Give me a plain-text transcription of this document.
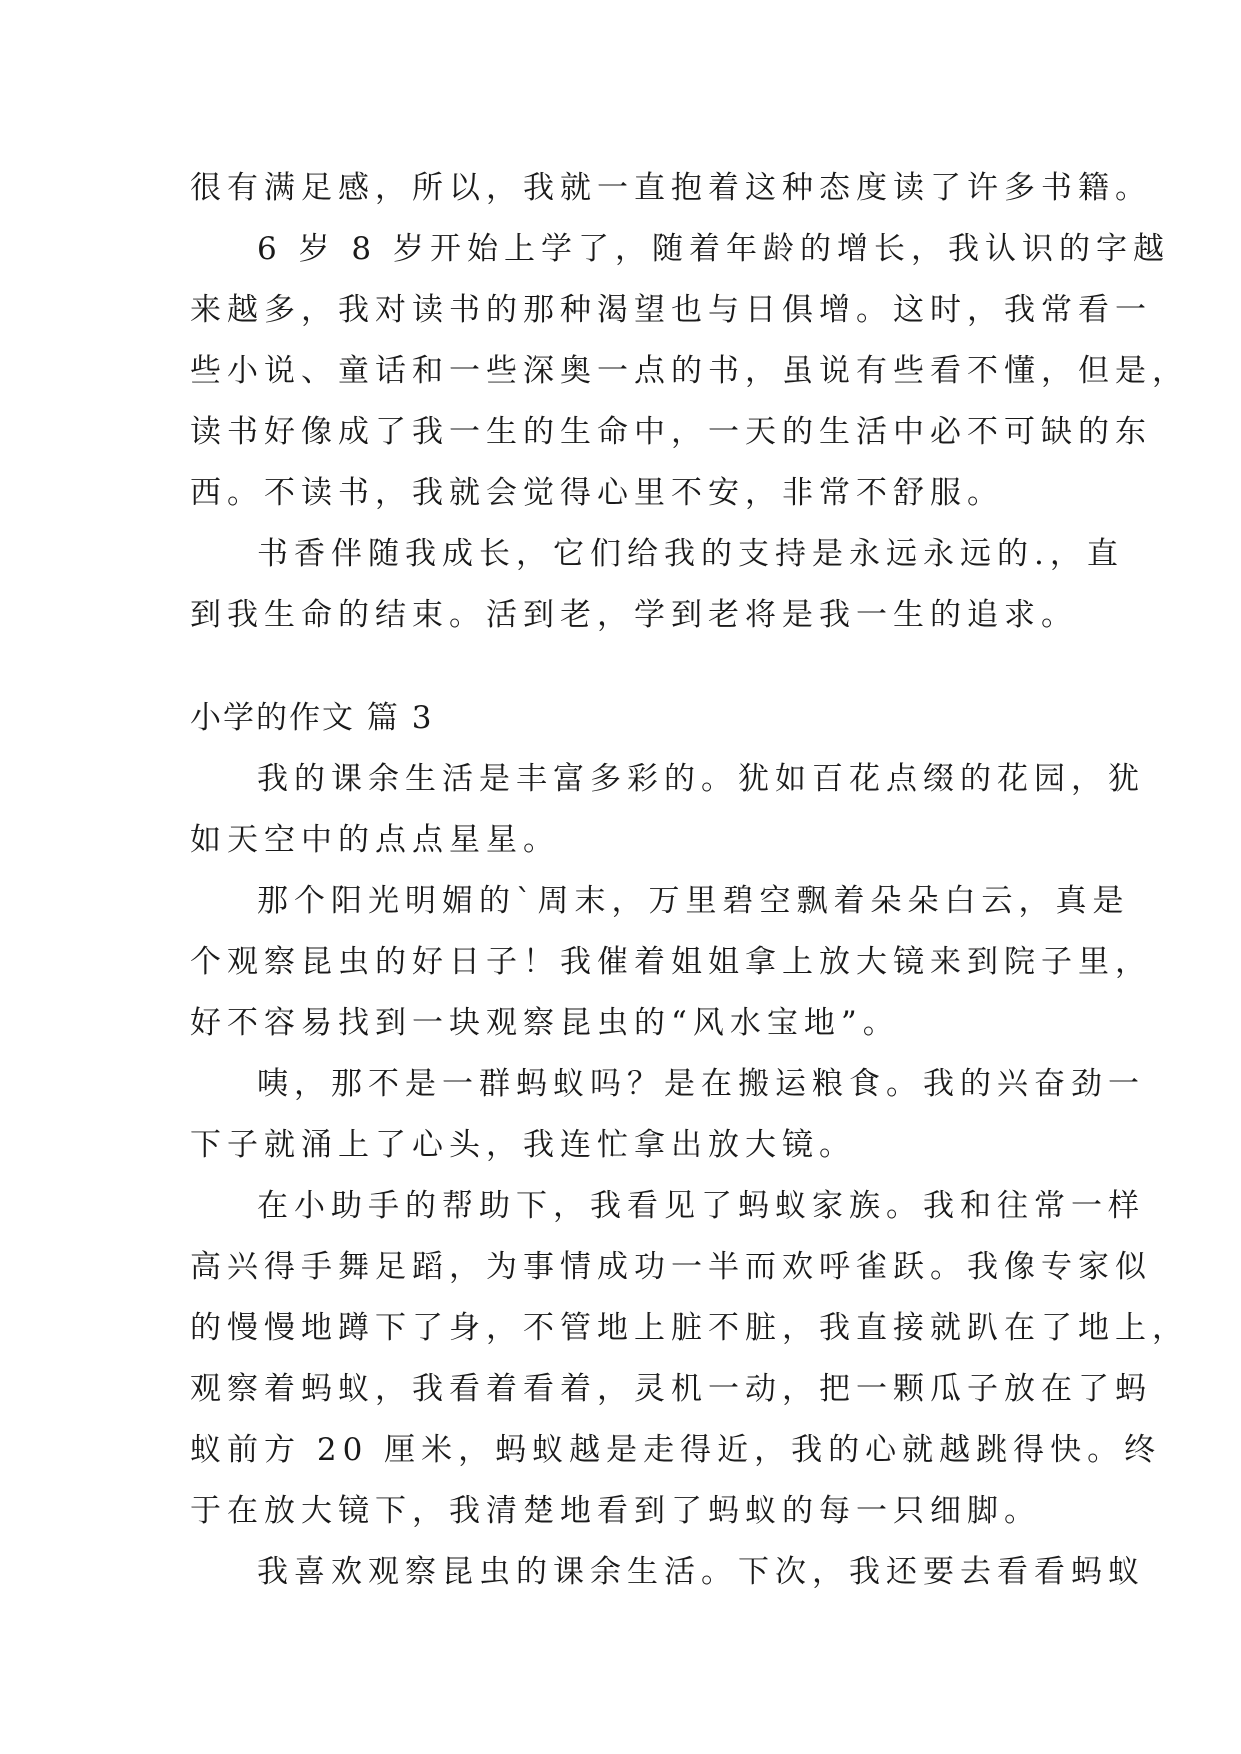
很有满足感，所以，我就一直抱着这种态度读了许多书籍。
6 岁 8 岁开始上学了，随着年龄的增长，我认识的字越
来越多，我对读书的那种渴望也与日俱增。这时，我常看一
些小说、童话和一些深奥一点的书，虽说有些看不懂，但是，
读书好像成了我一生的生命中，一天的生活中必不可缺的东
西。不读书，我就会觉得心里不安，非常不舒服。
书香伴随我成长，它们给我的支持是永远永远的.，直
到我生命的结束。活到老，学到老将是我一生的追求。
小学的作文 篇 3
我的课余生活是丰富多彩的。犹如百花点缀的花园，犹
如天空中的点点星星。
那个阳光明媚的`周末，万里碧空飘着朵朵白云，真是
个观察昆虫的好日子！我催着姐姐拿上放大镜来到院子里，
好不容易找到一块观察昆虫的“风水宝地”。
咦，那不是一群蚂蚁吗？是在搬运粮食。我的兴奋劲一
下子就涌上了心头，我连忙拿出放大镜。
在小助手的帮助下，我看见了蚂蚁家族。我和往常一样
高兴得手舞足蹈，为事情成功一半而欢呼雀跃。我像专家似
的慢慢地蹲下了身，不管地上脏不脏，我直接就趴在了地上，
观察着蚂蚁，我看着看着，灵机一动，把一颗瓜子放在了蚂
蚁前方 20 厘米，蚂蚁越是走得近，我的心就越跳得快。终
于在放大镜下，我清楚地看到了蚂蚁的每一只细脚。
我喜欢观察昆虫的课余生活。下次，我还要去看看蚂蚁
